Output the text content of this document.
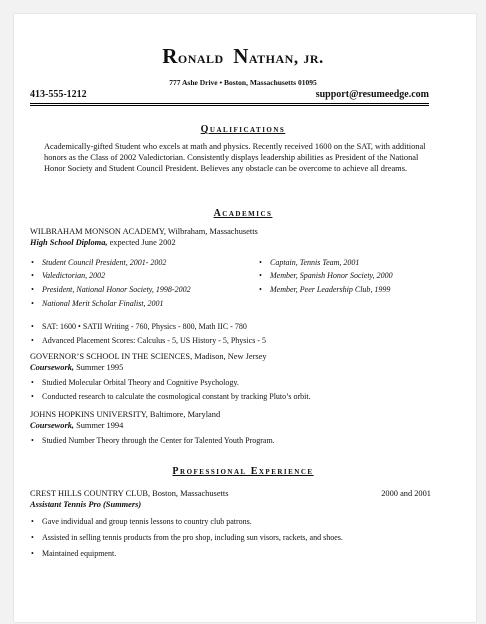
Ronald Nathan, jr.
777 Ashe Drive • Boston, Massachusetts 01095
413-555-1212	support@resumeedge.com
Qualifications
Academically-gifted Student who excels at math and physics. Recently received 1600 on the SAT, with additional honors as the Class of 2002 Valedictorian. Consistently displays leadership abilities as President of the National Honor Society and Student Council President. Believes any obstacle can be overcome to achieve all dreams.
Academics
WILBRAHAM MONSON ACADEMY, Wilbraham, Massachusetts
High School Diploma, expected June 2002
• Student Council President, 2001- 2002
• Valedictorian, 2002
• President, National Honor Society, 1998-2002
• National Merit Scholar Finalist, 2001
• Captain, Tennis Team, 2001
• Member, Spanish Honor Society, 2000
• Member, Peer Leadership Club, 1999
• SAT: 1600 • SATII Writing - 760, Physics - 800, Math IIC - 780
• Advanced Placement Scores: Calculus - 5, US History - 5, Physics - 5
GOVERNOR’S SCHOOL IN THE SCIENCES, Madison, New Jersey
Coursework, Summer 1995
• Studied Molecular Orbital Theory and Cognitive Psychology.
• Conducted research to calculate the cosmological constant by tracking Pluto’s orbit.
JOHNS HOPKINS UNIVERSITY, Baltimore, Maryland
Coursework, Summer 1994
• Studied Number Theory through the Center for Talented Youth Program.
Professional Experience
CREST HILLS COUNTRY CLUB, Boston, Massachusetts	2000 and 2001
Assistant Tennis Pro (Summers)
• Gave individual and group tennis lessons to country club patrons.
• Assisted in selling tennis products from the pro shop, including sun visors, rackets, and shoes.
• Maintained equipment.
